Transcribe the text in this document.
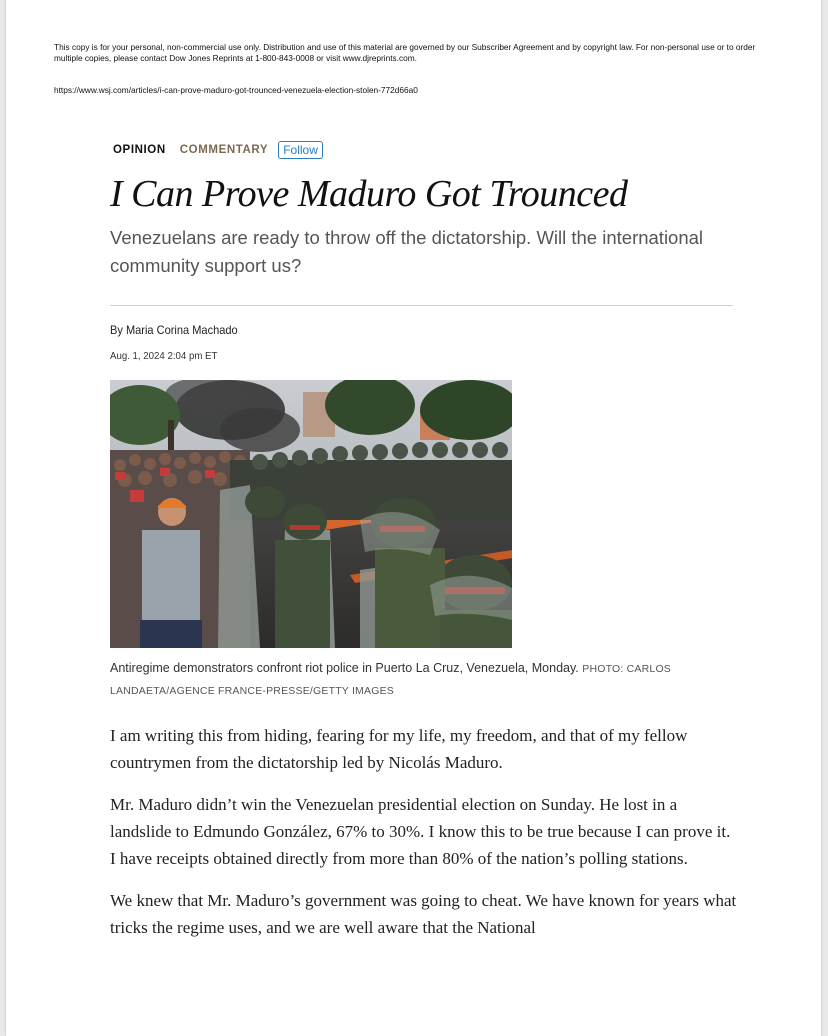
This copy is for your personal, non-commercial use only. Distribution and use of this material are governed by our Subscriber Agreement and by copyright law. For non-personal use or to order multiple copies, please contact Dow Jones Reprints at 1-800-843-0008 or visit www.djreprints.com.
https://www.wsj.com/articles/i-can-prove-maduro-got-trounced-venezuela-election-stolen-772d66a0
OPINION COMMENTARY	Follow
I Can Prove Maduro Got Trounced
Venezuelans are ready to throw off the dictatorship. Will the international community support us?
By Maria Corina Machado
Aug. 1, 2024 2:04 pm ET
Antiregime demonstrators confront riot police in Puerto La Cruz, Venezuela, Monday. PHOTO: CARLOS LANDAETA/AGENCE FRANCE-PRESSE/GETTY IMAGES

I am writing this from hiding, fearing for my life, my freedom, and that of my fellow countrymen from the dictatorship led by Nicolás Maduro.

Mr. Maduro didn’t win the Venezuelan presidential election on Sunday. He lost in a landslide to Edmundo González, 67% to 30%. I know this to be true because I can prove it. I have receipts obtained directly from more than 80% of the nation’s polling stations.

We knew that Mr. Maduro’s government was going to cheat. We have known for years what tricks the regime uses, and we are well aware that the National
